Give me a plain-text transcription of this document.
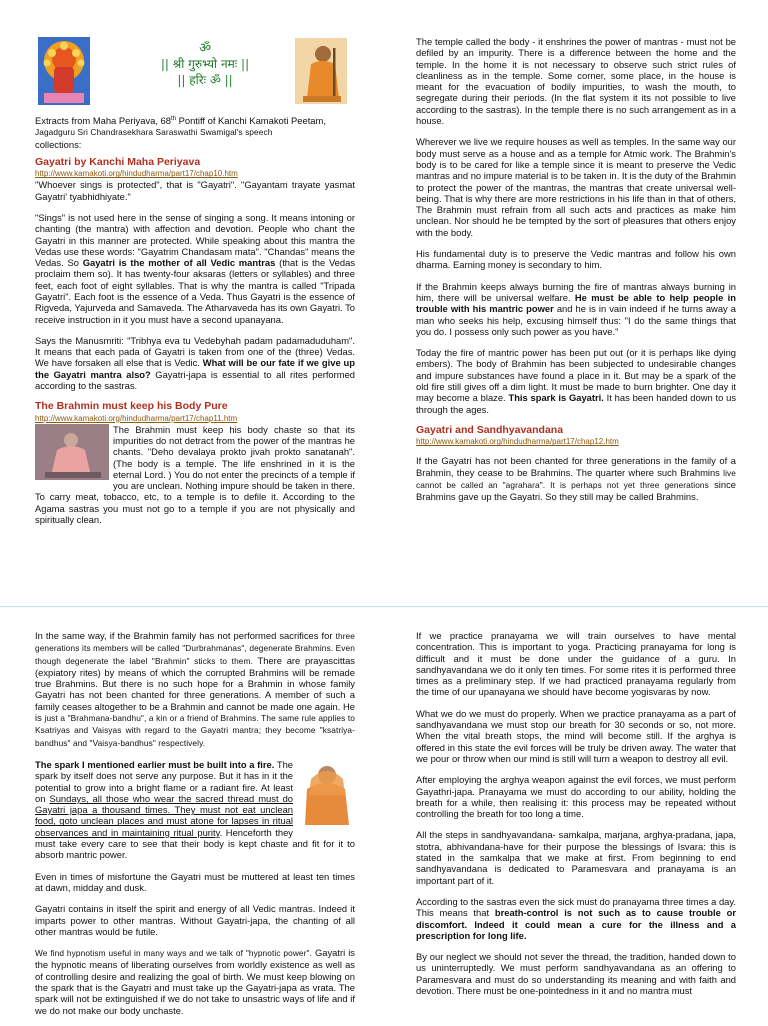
ॐ
|| श्री गुरुभ्यो नमः ||
|| हरिः ॐ ||
Extracts from Maha Periyava, 68th Pontiff of Kanchi Kamakoti Peetam,
Jagadguru Sri Chandrasekhara Saraswathi Swamigal's speech
collections:
Gayatri by Kanchi Maha Periyava
http://www.kamakoti.org/hindudharma/part17/chap10.htm

"Whoever sings is protected", that is "Gayatri". "Gayantam trayate yasmat Gayatri' tyabhidhiyate."

"Sings" is not used here in the sense of singing a song. It means intoning or chanting (the mantra) with affection and devotion. People who chant the Gayatri in this manner are protected. While speaking about this mantra the Vedas use these words: "Gayatrim Chandasam mata". "Chandas" means the Vedas. So Gayatri is the mother of all Vedic mantras (that is the Vedas proclaim them so). It has twenty-four aksaras (letters or syllables) and three feet, each foot of eight syllables. That is why the mantra is called "Tripada Gayatri". Each foot is the essence of a Veda. Thus Gayatri is the essence of Rigveda, Yajurveda and Samaveda. The Atharvaveda has its own Gayatri. To receive instruction in it you must have a second upanayana.

Says the Manusmriti: "Tribhya eva tu Vedebyhah padam padamaduduham". It means that each pada of Gayatri is taken from one of the (three) Vedas. We have forsaken all else that is Vedic. What will be our fate if we give up the Gayatri mantra also? Gayatri-japa is essential to all rites performed according to the sastras.

The Brahmin must keep his Body Pure
http://www.kamakoti.org/hindudharma/part17/chap11.htm

The Brahmin must keep his body chaste so that its impurities do not detract from the power of the mantras he chants. "Deho devalaya prokto jivah prokto sanatanah". (The body is a temple. The life enshrined in it is the eternal Lord. ) You do not enter the precincts of a temple if you are unclean. Nothing impure should be taken in there. To carry meat, tobacco, etc, to a temple is to defile it. According to the Agama sastras you must not go to a temple if you are not physically and spiritually clean.

The temple called the body - it enshrines the power of mantras - must not be defiled by an impurity. There is a difference between the home and the temple. In the home it is not necessary to observe such strict rules of cleanliness as in the temple. Some corner, some place, in the house is meant for the evacuation of bodily impurities, to wash the mouth, to segregate during their periods. (In the flat system it its not possible to live according to the sastras). In the temple there is no such arrangement as in a house.

Wherever we live we require houses as well as temples. In the same way our body must serve as a house and as a temple for Atmic work. The Brahmin's body is to be cared for like a temple since it is meant to preserve the Vedic mantras and no impure material is to be taken in. It is the duty of the Brahmin to protect the power of the mantras, the mantras that create universal well-being. That is why there are more restrictions in his life than in that of others. The Brahmin must refrain from all such acts and practices as make him unclean. Nor should he be tempted by the sort of pleasures that others enjoy with the body.

His fundamental duty is to preserve the Vedic mantras and follow his own dharma. Earning money is secondary to him.

If the Brahmin keeps always burning the fire of mantras always burning in him, there will be universal welfare. He must be able to help people in trouble with his mantric power and he is in vain indeed if he turns away a man who seeks his help, excusing himself thus: "I do the same things that you do. I possess only such power as you have."

Today the fire of mantric power has been put out (or it is perhaps like dying embers). The body of Brahmin has been subjected to undesirable changes and impure substances have found a place in it. But may be a spark of the old fire still gives off a dim light. It must be made to burn brighter. One day it may become a blaze. This spark is Gayatri. It has been handed down to us through the ages.

Gayatri and Sandhyavandana
http://www.kamakoti.org/hindudharma/part17/chap12.htm

If the Gayatri has not been chanted for three generations in the family of a Brahmin, they cease to be Brahmins. The quarter where such Brahmins live cannot be called an "agrahara". It is perhaps not yet three generations since Brahmins gave up the Gayatri. So they still may be called Brahmins.

In the same way, if the Brahmin family has not performed sacrifices for three generations its members will be called "Durbrahmanas", degenerate Brahmins. Even though degenerate the label "Brahmin" sticks to them. There are prayascittas (expiatory rites) by means of which the corrupted Brahmins will be remade true Brahmins. But there is no such hope for a Brahmin in whose family Gayatri has not been chanted for three generations. A member of such a family ceases altogether to be a Brahmin and cannot be made one again. He is just a "Brahmana-bandhu", a kin or a friend of Brahmins. The same rule applies to Ksatriyas and Vaisyas with regard to the Gayatri mantra; they become "ksatriya-bandhus" and "Vaisya-bandhus" respectively.

The spark I mentioned earlier must be built into a fire. The spark by itself does not serve any purpose. But it has in it the potential to grow into a bright flame or a radiant fire. At least on Sundays, all those who wear the sacred thread must do Gayatri japa a thousand times. They must not eat unclean food, goto unclean places and must atone for lapses in ritual observances and in maintaining ritual purity. Henceforth they must take every care to see that their body is kept chaste and fit for it to absorb mantric power.

Even in times of misfortune the Gayatri must be muttered at least ten times at dawn, midday and dusk.

Gayatri contains in itself the spirit and energy of all Vedic mantras. Indeed it imparts power to other mantras. Without Gayatri-japa, the chanting of all other mantras would be futile.

We find hypnotism useful in many ways and we talk of "hypnotic power". Gayatri is the hypnotic means of liberating ourselves from worldly existence as well as of controlling desire and realizing the goal of birth. We must keep blowing on the spark that is the Gayatri and must take up the Gayatri-japa as vrata. The spark will not be extinguished if we do not take to unsastric ways of life and if we do not make our body unchaste.

If we practice pranayama we will train ourselves to have mental concentration. This is important to yoga. Practicing pranayama for long is difficult and it must be done under the guidance of a guru. In sandhyavandana we do it only ten times. For some rites it is performed three times as a preliminary step. If we had practiced pranayama regularly from the time of our upanayana we should have become yogisvaras by now.

What we do we must do properly. When we practice pranayama as a part of sandhyavandana we must stop our breath for 30 seconds or so, not more. When the vital breath stops, the mind will become still. If the arghya is offered in this state the evil forces will be truly be driven away. The water that we pour or throw when our mind is still will turn a weapon to destroy all evil.

After employing the arghya weapon against the evil forces, we must perform Gayathri-japa. Pranayama we must do according to our ability, holding the breath for a while, then realising it: this process may be repeated without controlling the breath for too long a time.

All the steps in sandhyavandana- samkalpa, marjana, arghya-pradana, japa, stotra, abhivandana-have for their purpose the blessings of Isvara: this is stated in the samkalpa that we make at first. From beginning to end sandhyavandana is dedicated to Paramesvara and pranayama is an important part of it.

According to the sastras even the sick must do pranayama three times a day. This means that breath-control is not such as to cause trouble or discomfort. Indeed it could mean a cure for the illness and a prescription for long life.

By our neglect we should not sever the thread, the tradition, handed down to us uninterruptedly. We must perform sandhyavandana as an offering to Paramesvara and must do so understanding its meaning and with faith and devotion. There must be one-pointedness in it and no mantra must
